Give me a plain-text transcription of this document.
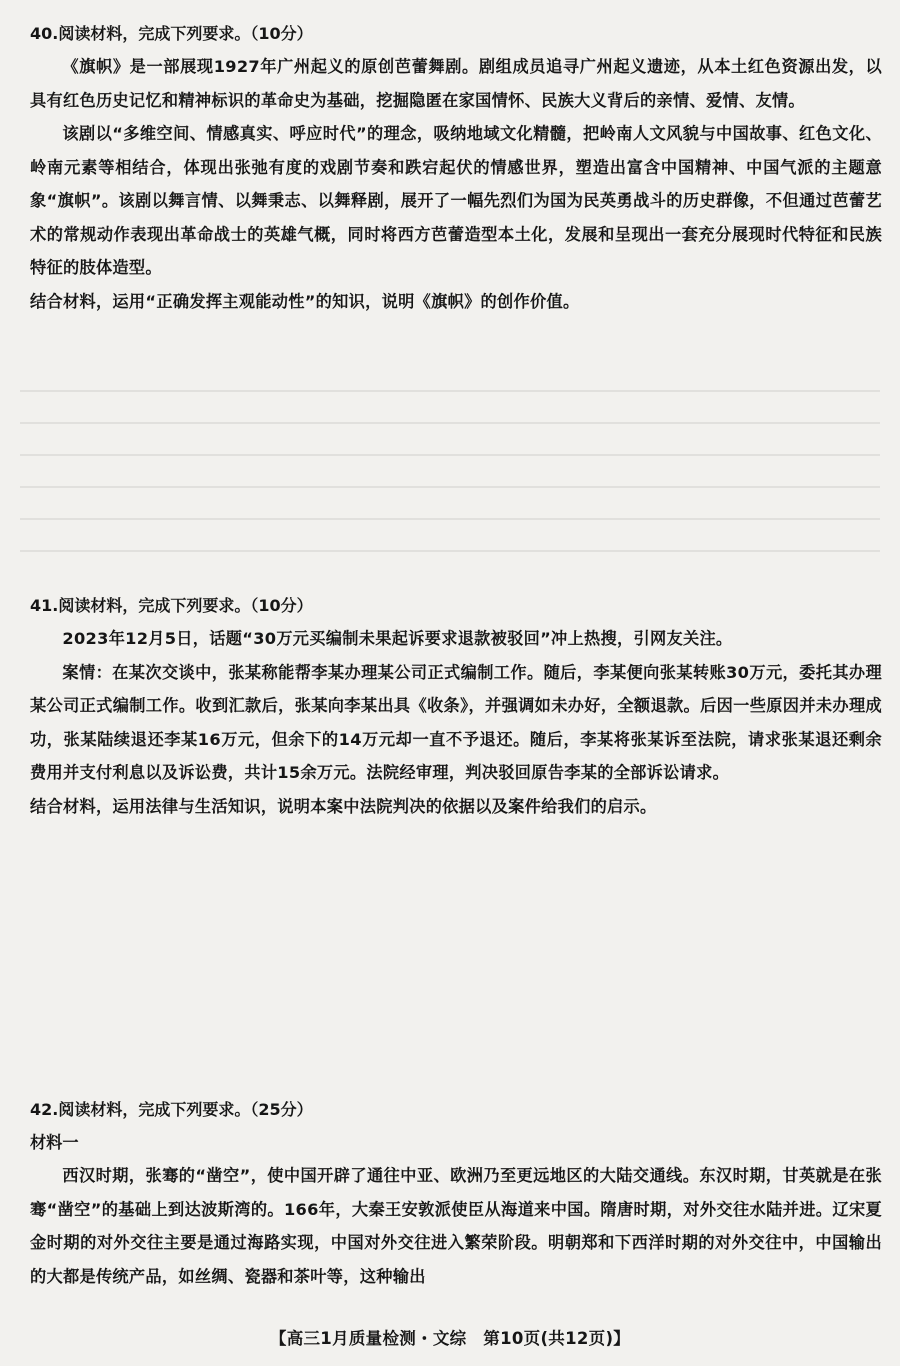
40.阅读材料，完成下列要求。（10分）

《旗帜》是一部展现1927年广州起义的原创芭蕾舞剧。剧组成员追寻广州起义遗迹，从本土红色资源出发，以具有红色历史记忆和精神标识的革命史为基础，挖掘隐匿在家国情怀、民族大义背后的亲情、爱情、友情。

该剧以“多维空间、情感真实、呼应时代”的理念，吸纳地域文化精髓，把岭南人文风貌与中国故事、红色文化、岭南元素等相结合，体现出张弛有度的戏剧节奏和跌宕起伏的情感世界，塑造出富含中国精神、中国气派的主题意象“旗帜”。该剧以舞言情、以舞秉志、以舞释剧，展开了一幅先烈们为国为民英勇战斗的历史群像，不但通过芭蕾艺术的常规动作表现出革命战士的英雄气概，同时将西方芭蕾造型本土化，发展和呈现出一套充分展现时代特征和民族特征的肢体造型。

结合材料，运用“正确发挥主观能动性”的知识，说明《旗帜》的创作价值。

41.阅读材料，完成下列要求。（10分）

2023年12月5日，话题“30万元买编制未果起诉要求退款被驳回”冲上热搜，引网友关注。

案情：在某次交谈中，张某称能帮李某办理某公司正式编制工作。随后，李某便向张某转账30万元，委托其办理某公司正式编制工作。收到汇款后，张某向李某出具《收条》，并强调如未办好，全额退款。后因一些原因并未办理成功，张某陆续退还李某16万元，但余下的14万元却一直不予退还。随后，李某将张某诉至法院，请求张某退还剩余费用并支付利息以及诉讼费，共计15余万元。法院经审理，判决驳回原告李某的全部诉讼请求。

结合材料，运用法律与生活知识，说明本案中法院判决的依据以及案件给我们的启示。

42.阅读材料，完成下列要求。（25分）

材料一

西汉时期，张骞的“凿空”，使中国开辟了通往中亚、欧洲乃至更远地区的大陆交通线。东汉时期，甘英就是在张骞“凿空”的基础上到达波斯湾的。166年，大秦王安敦派使臣从海道来中国。隋唐时期，对外交往水陆并进。辽宋夏金时期的对外交往主要是通过海路实现，中国对外交往进入繁荣阶段。明朝郑和下西洋时期的对外交往中，中国输出的大都是传统产品，如丝绸、瓷器和茶叶等，这种输出

【高三1月质量检测・文综　第10页(共12页)】
